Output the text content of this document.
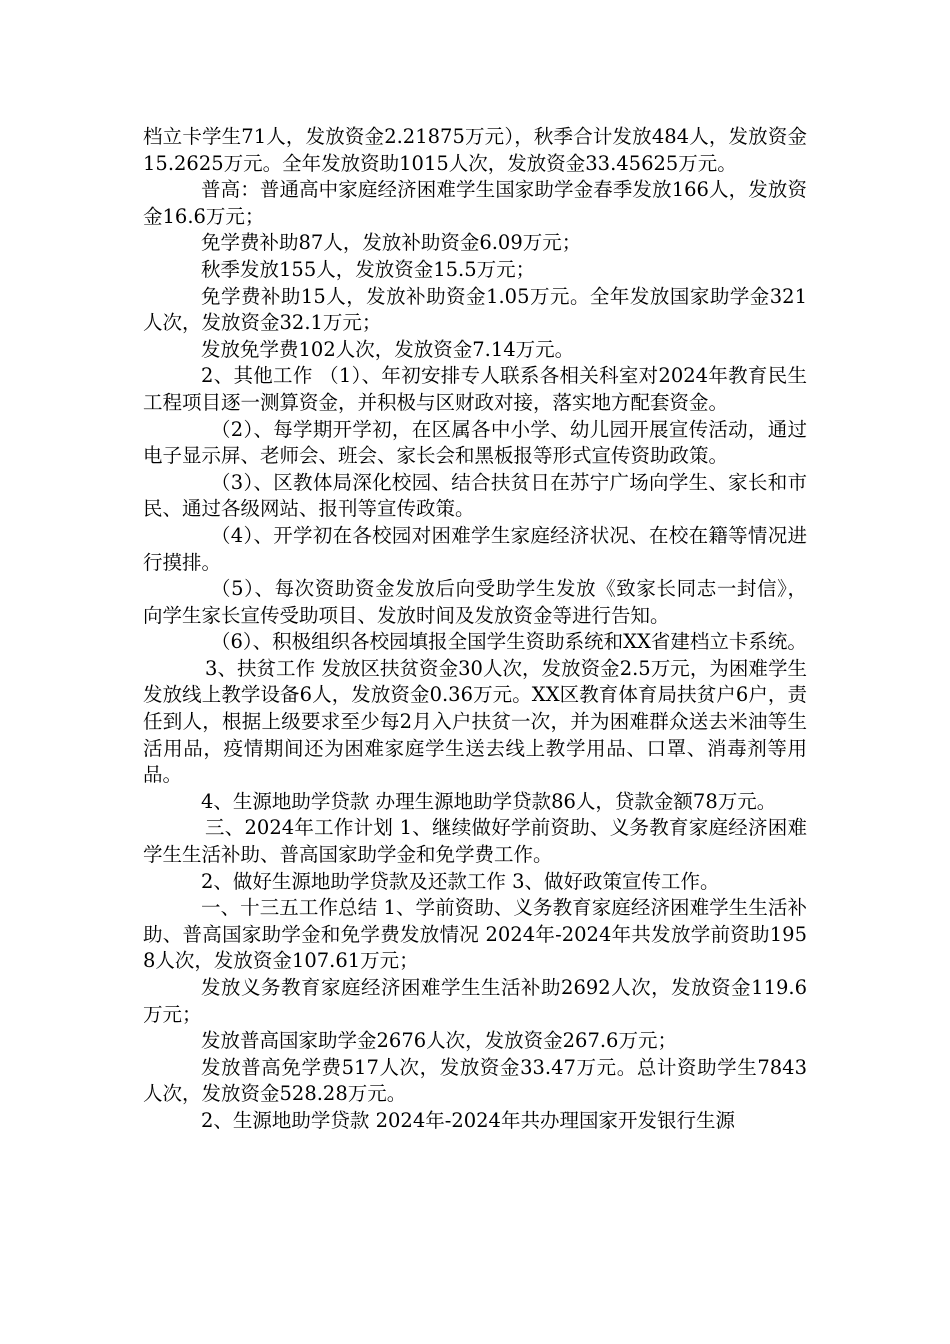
档立卡学生71人，发放资金2.21875万元），秋季合计发放484人，发放资金15.2625万元。全年发放资助1015人次，发放资金33.45625万元。

普高：普通高中家庭经济困难学生国家助学金春季发放166人，发放资金16.6万元；

免学费补助87人，发放补助资金6.09万元；

秋季发放155人，发放资金15.5万元；

免学费补助15人，发放补助资金1.05万元。全年发放国家助学金321人次，发放资金32.1万元；

发放免学费102人次，发放资金7.14万元。

2、其他工作 （1）、年初安排专人联系各相关科室对2024年教育民生工程项目逐一测算资金，并积极与区财政对接，落实地方配套资金。

（2）、每学期开学初，在区属各中小学、幼儿园开展宣传活动，通过电子显示屏、老师会、班会、家长会和黑板报等形式宣传资助政策。

（3）、区教体局深化校园、结合扶贫日在苏宁广场向学生、家长和市民、通过各级网站、报刊等宣传政策。

（4）、开学初在各校园对困难学生家庭经济状况、在校在籍等情况进行摸排。

（5）、每次资助资金发放后向受助学生发放《致家长同志一封信》，向学生家长宣传受助项目、发放时间及发放资金等进行告知。

（6）、积极组织各校园填报全国学生资助系统和XX省建档立卡系统。

3、扶贫工作 发放区扶贫资金30人次，发放资金2.5万元，为困难学生发放线上教学设备6人，发放资金0.36万元。XX区教育体育局扶贫户6户，责任到人，根据上级要求至少每2月入户扶贫一次，并为困难群众送去米油等生活用品，疫情期间还为困难家庭学生送去线上教学用品、口罩、消毒剂等用品。

4、生源地助学贷款 办理生源地助学贷款86人，贷款金额78万元。

三、2024年工作计划 1、继续做好学前资助、义务教育家庭经济困难学生生活补助、普高国家助学金和免学费工作。

2、做好生源地助学贷款及还款工作 3、做好政策宣传工作。

一、十三五工作总结 1、学前资助、义务教育家庭经济困难学生生活补助、普高国家助学金和免学费发放情况 2024年-2024年共发放学前资助1958人次，发放资金107.61万元；

发放义务教育家庭经济困难学生生活补助2692人次，发放资金119.6万元；

发放普高国家助学金2676人次，发放资金267.6万元；

发放普高免学费517人次，发放资金33.47万元。总计资助学生7843人次，发放资金528.28万元。

2、生源地助学贷款 2024年-2024年共办理国家开发银行生源
